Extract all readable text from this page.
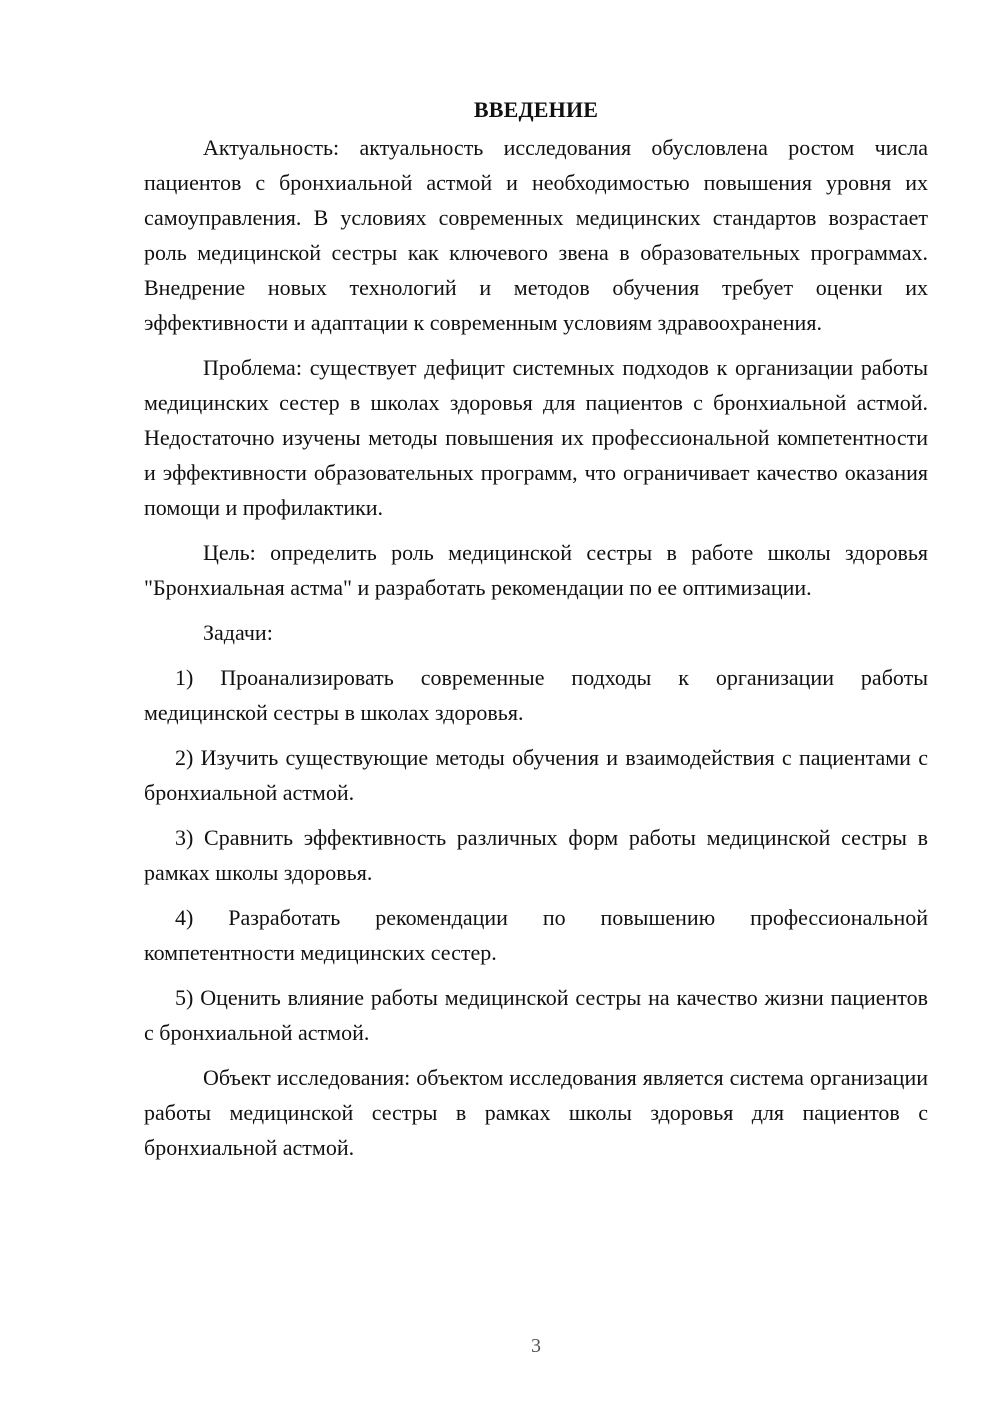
ВВЕДЕНИЕ

Актуальность: актуальность исследования обусловлена ростом числа пациентов с бронхиальной астмой и необходимостью повышения уровня их самоуправления. В условиях современных медицинских стандартов возрастает роль медицинской сестры как ключевого звена в образовательных программах. Внедрение новых технологий и методов обучения требует оценки их эффективности и адаптации к современным условиям здравоохранения.

Проблема: существует дефицит системных подходов к организации работы медицинских сестер в школах здоровья для пациентов с бронхиальной астмой. Недостаточно изучены методы повышения их профессиональной компетентности и эффективности образовательных программ, что ограничивает качество оказания помощи и профилактики.

Цель: определить роль медицинской сестры в работе школы здоровья "Бронхиальная астма" и разработать рекомендации по ее оптимизации.

Задачи:

1) Проанализировать современные подходы к организации работы медицинской сестры в школах здоровья.

2) Изучить существующие методы обучения и взаимодействия с пациентами с бронхиальной астмой.

3) Сравнить эффективность различных форм работы медицинской сестры в рамках школы здоровья.

4) Разработать рекомендации по повышению профессиональной компетентности медицинских сестер.

5) Оценить влияние работы медицинской сестры на качество жизни пациентов с бронхиальной астмой.

Объект исследования: объектом исследования является система организации работы медицинской сестры в рамках школы здоровья для пациентов с бронхиальной астмой.

3
